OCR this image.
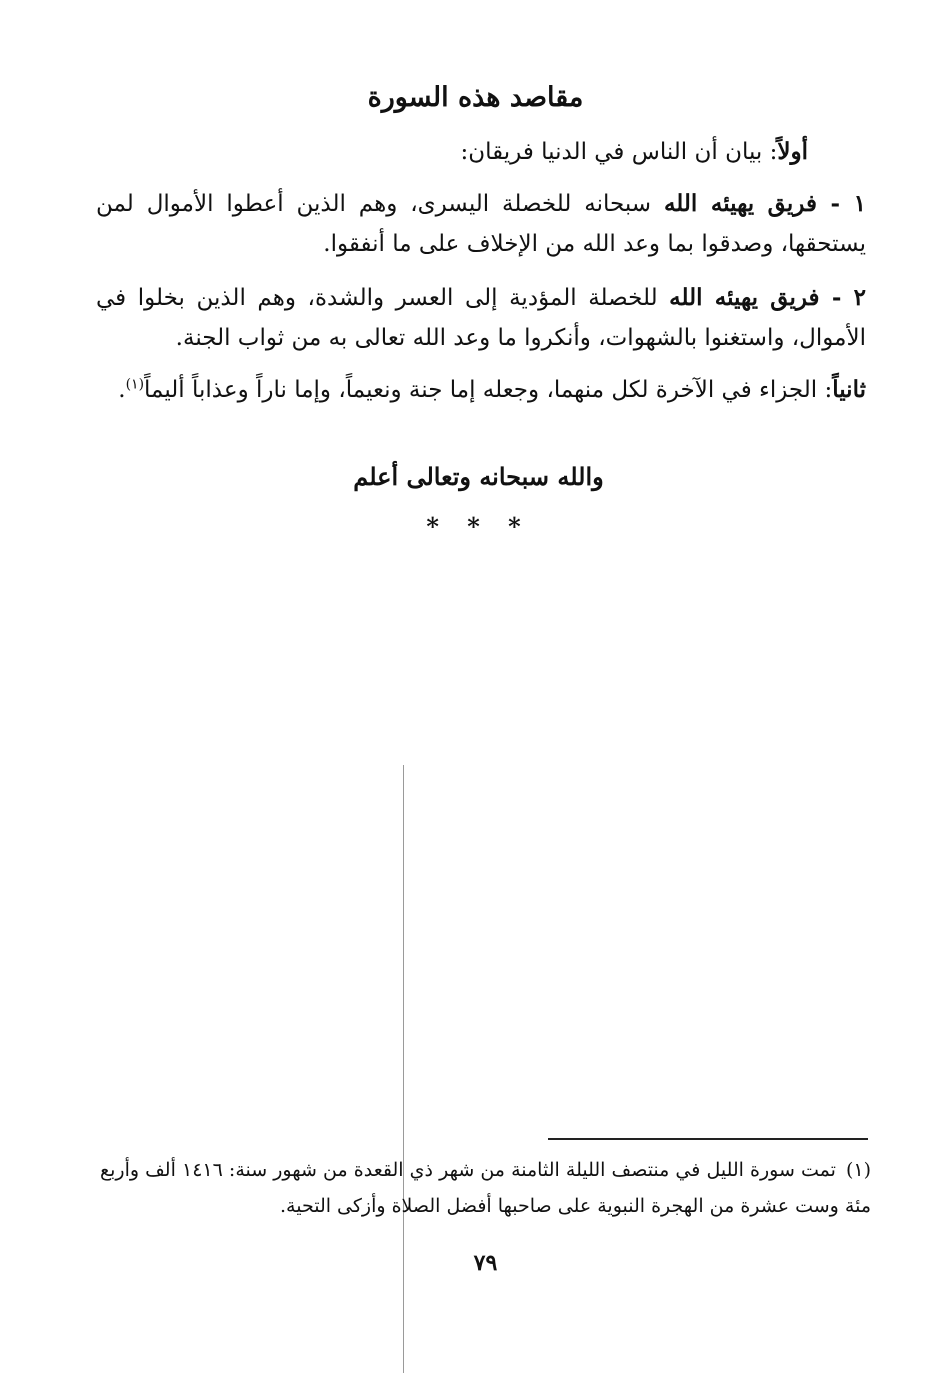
مقاصد هذه السورة
أولاً: بيان أن الناس في الدنيا فريقان:
١ - فريق يهيئه الله سبحانه للخصلة اليسرى، وهم الذين أعطوا الأموال لمن يستحقها، وصدقوا بما وعد الله من الإخلاف على ما أنفقوا.
٢ - فريق يهيئه الله للخصلة المؤدية إلى العسر والشدة، وهم الذين بخلوا في الأموال، واستغنوا بالشهوات، وأنكروا ما وعد الله تعالى به من ثواب الجنة.
ثانياً: الجزاء في الآخرة لكل منهما، وجعله إما جنة ونعيماً، وإما ناراً وعذاباً أليماً$^{(١)}$.
والله سبحانه وتعالى أعلم
* * *
(١)تمت سورة الليل في منتصف الليلة الثامنة من شهر ذي القعدة من شهور سنة: ١٤١٦ ألف وأربع مئة وست عشرة من الهجرة النبوية على صاحبها أفضل الصلاة وأزكى التحية.
٧٩
